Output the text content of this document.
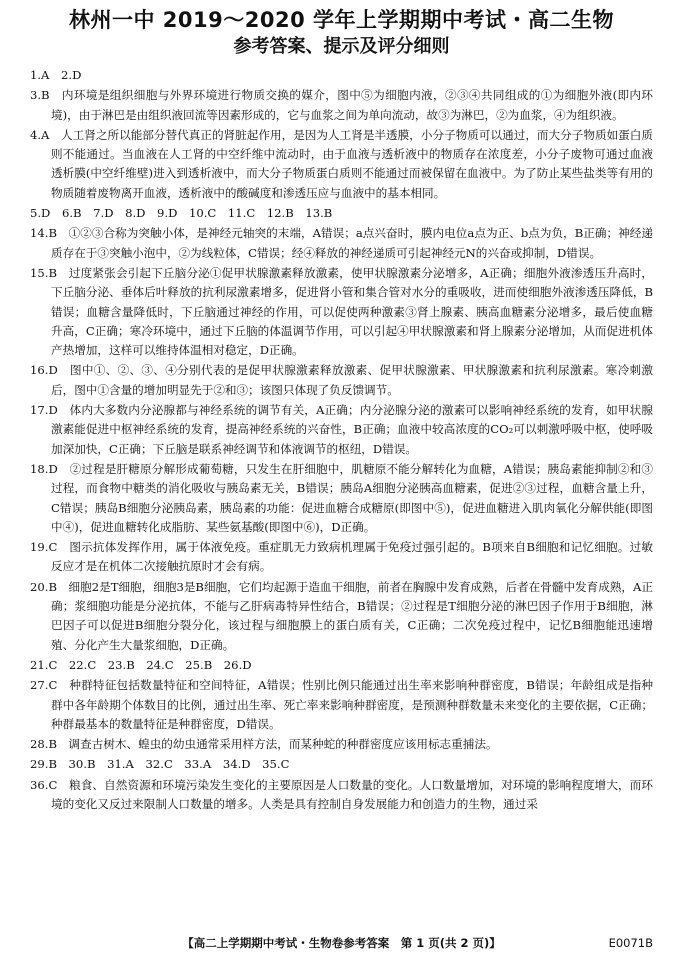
林州一中 2019～2020 学年上学期期中考试・高二生物
参考答案、提示及评分细则

1.A　2.D

3.B　内环境是组织细胞与外界环境进行物质交换的媒介，图中⑤为细胞内液，②③④共同组成的①为细胞外液(即内环境)，由于淋巴是由组织液回流等因素形成的，它与血浆之间为单向流动，故③为淋巴，②为血浆，④为组织液。

4.A　人工肾之所以能部分替代真正的肾脏起作用，是因为人工肾是半透膜，小分子物质可以通过，而大分子物质如蛋白质则不能通过。当血液在人工肾的中空纤维中流动时，由于血液与透析液中的物质存在浓度差，小分子废物可通过血液透析膜(中空纤维壁)进入到透析液中，而大分子物质蛋白质则不能通过而被保留在血液中。为了防止某些盐类等有用的物质随着废物离开血液，透析液中的酸碱度和渗透压应与血液中的基本相同。

5.D　6.B　7.D　8.D　9.D　10.C　11.C　12.B　13.B

14.B　①②③合称为突触小体，是神经元轴突的末端，A错误；a点兴奋时，膜内电位a点为正、b点为负，B正确；神经递质存在于③突触小泡中，②为线粒体，C错误；经④释放的神经递质可引起神经元N的兴奋或抑制，D错误。

15.B　过度紧张会引起下丘脑分泌①促甲状腺激素释放激素，使甲状腺激素分泌增多，A正确；细胞外液渗透压升高时，下丘脑分泌、垂体后叶释放的抗利尿激素增多，促进肾小管和集合管对水分的重吸收，进而使细胞外液渗透压降低，B错误；血糖含量降低时，下丘脑通过神经的作用，可以促使两种激素③肾上腺素、胰高血糖素分泌增多，最后使血糖升高，C正确；寒冷环境中，通过下丘脑的体温调节作用，可以引起④甲状腺激素和肾上腺素分泌增加，从而促进机体产热增加，这样可以维持体温相对稳定，D正确。

16.D　图中①、②、③、④分别代表的是促甲状腺激素释放激素、促甲状腺激素、甲状腺激素和抗利尿激素。寒冷刺激后，图中①含量的增加明显先于②和③；该图只体现了负反馈调节。

17.D　体内大多数内分泌腺都与神经系统的调节有关，A正确；内分泌腺分泌的激素可以影响神经系统的发育，如甲状腺激素能促进中枢神经系统的发育，提高神经系统的兴奋性，B正确；血液中较高浓度的CO₂可以刺激呼吸中枢，使呼吸加深加快，C正确；下丘脑是联系神经调节和体液调节的枢纽，D错误。

18.D　②过程是肝糖原分解形成葡萄糖，只发生在肝细胞中，肌糖原不能分解转化为血糖，A错误；胰岛素能抑制②和③过程，而食物中糖类的消化吸收与胰岛素无关，B错误；胰岛A细胞分泌胰高血糖素，促进②③过程，血糖含量上升，C错误；胰岛B细胞分泌胰岛素，胰岛素的功能：促进血糖合成糖原(即图中⑤)，促进血糖进入肌肉氧化分解供能(即图中④)，促进血糖转化成脂肪、某些氨基酸(即图中⑥)，D正确。

19.C　图示抗体发挥作用，属于体液免疫。重症肌无力致病机理属于免疫过强引起的。B项来自B细胞和记忆细胞。过敏反应才是在机体二次接触抗原时才会有病。

20.B　细胞2是T细胞，细胞3是B细胞，它们均起源于造血干细胞，前者在胸腺中发育成熟，后者在骨髓中发育成熟，A正确；浆细胞功能是分泌抗体，不能与乙肝病毒特异性结合，B错误；②过程是T细胞分泌的淋巴因子作用于B细胞，淋巴因子可以促进B细胞分裂分化，该过程与细胞膜上的蛋白质有关，C正确；二次免疫过程中，记忆B细胞能迅速增殖、分化产生大量浆细胞，D正确。

21.C　22.C　23.B　24.C　25.B　26.D

27.C　种群特征包括数量特征和空间特征，A错误；性别比例只能通过出生率来影响种群密度，B错误；年龄组成是指种群中各年龄期个体数目的比例，通过出生率、死亡率来影响种群密度，是预测种群数量未来变化的主要依据，C正确；种群最基本的数量特征是种群密度，D错误。

28.B　调查古树木、蝗虫的幼虫通常采用样方法，而某种蛇的种群密度应该用标志重捕法。

29.B　30.B　31.A　32.C　33.A　34.D　35.C

36.C　粮食、自然资源和环境污染发生变化的主要原因是人口数量的变化。人口数量增加，对环境的影响程度增大，而环境的变化又反过来限制人口数量的增多。人类是具有控制自身发展能力和创造力的生物，通过采

【高二上学期期中考试・生物卷参考答案　第 1 页(共 2 页)】	E0071B
